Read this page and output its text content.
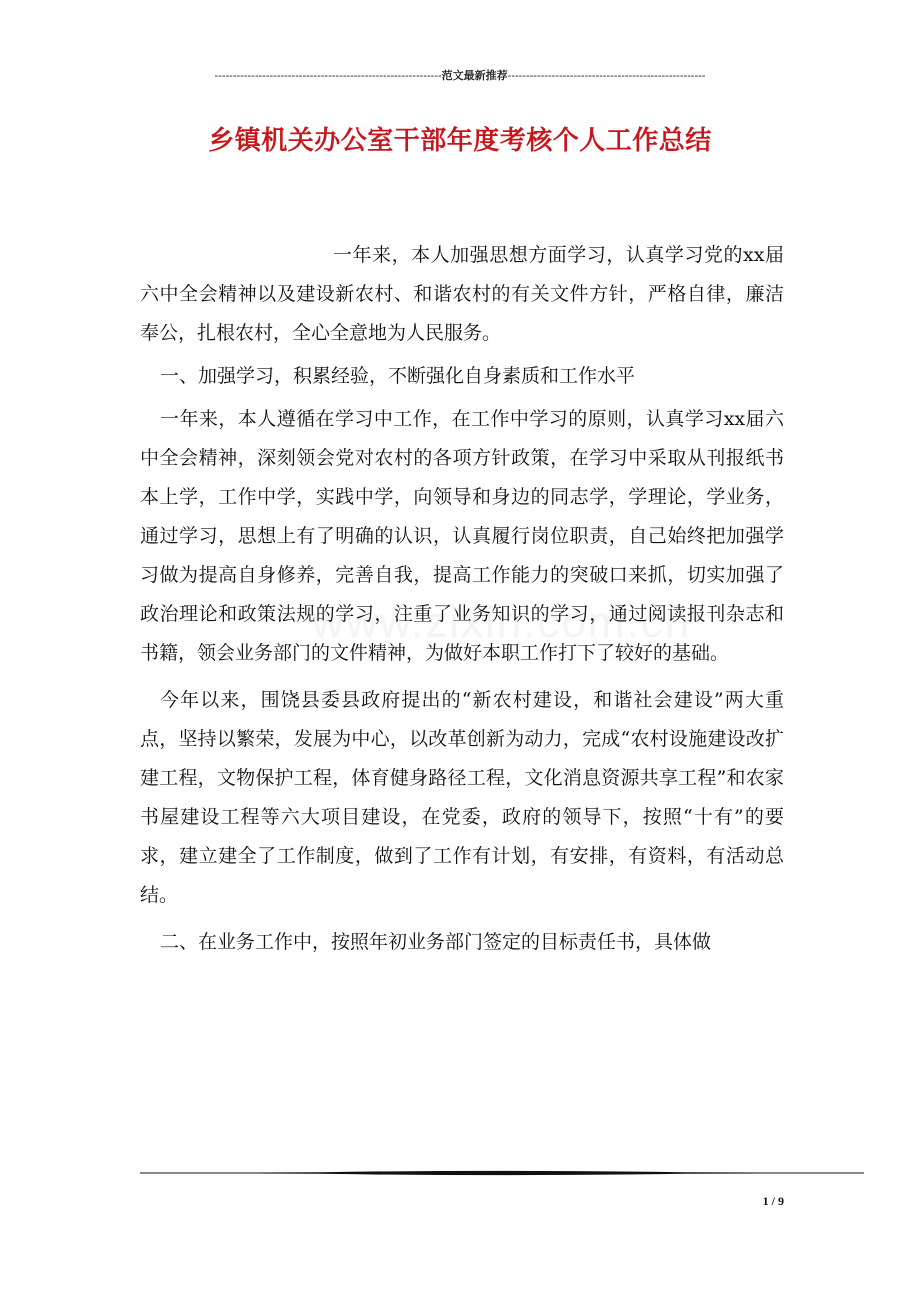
--------------------------------------------------------------范文最新推荐------------------------------------------------------
乡镇机关办公室干部年度考核个人工作总结

一年来，本人加强思想方面学习，认真学习党的xx届六中全会精神以及建设新农村、和谐农村的有关文件方针，严格自律，廉洁奉公，扎根农村，全心全意地为人民服务。

一、加强学习，积累经验，不断强化自身素质和工作水平

一年来，本人遵循在学习中工作，在工作中学习的原则，认真学习xx届六中全会精神，深刻领会党对农村的各项方针政策，在学习中采取从刊报纸书本上学，工作中学，实践中学，向领导和身边的同志学，学理论，学业务，通过学习，思想上有了明确的认识，认真履行岗位职责，自己始终把加强学习做为提高自身修养，完善自我，提高工作能力的突破口来抓，切实加强了政治理论和政策法规的学习，注重了业务知识的学习，通过阅读报刊杂志和书籍，领会业务部门的文件精神，为做好本职工作打下了较好的基础。

今年以来，围饶县委县政府提出的“新农村建设，和谐社会建设”两大重点，坚持以繁荣，发展为中心，以改革创新为动力，完成“农村设施建设改扩建工程，文物保护工程，体育健身路径工程，文化消息资源共享工程”和农家书屋建设工程等六大项目建设，在党委，政府的领导下，按照“十有”的要求，建立建全了工作制度，做到了工作有计划，有安排，有资料，有活动总结。

二、在业务工作中，按照年初业务部门签定的目标责任书，具体做

1 / 9
